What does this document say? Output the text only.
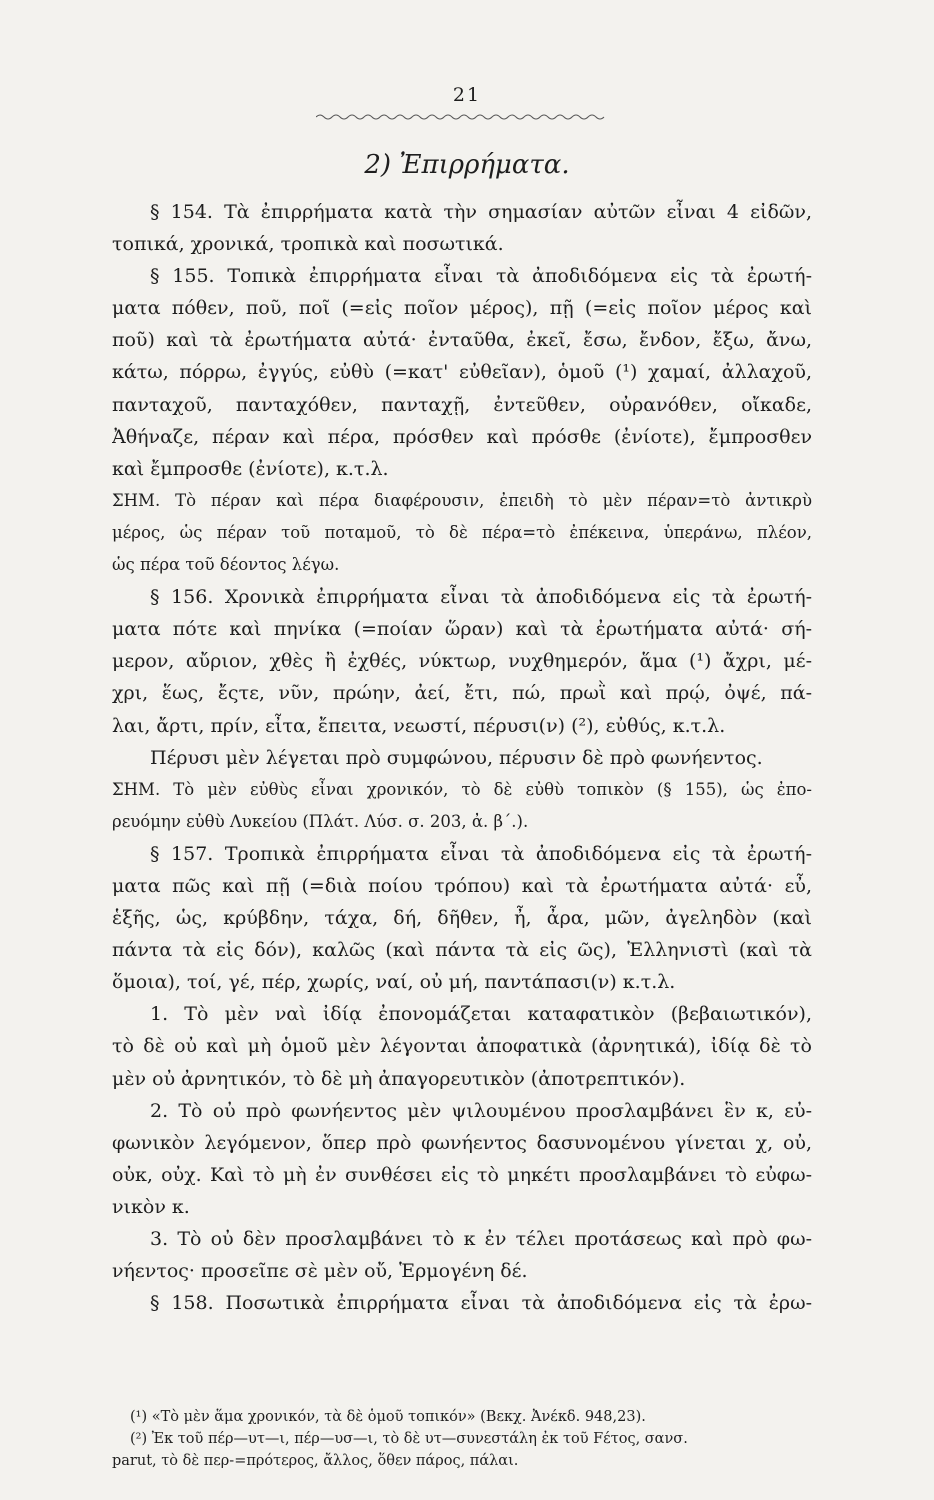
21
2) Ἐπιρρήματα.
§ 154. Τὰ ἐπιρρήματα κατὰ τὴν σημασίαν αὐτῶν εἶναι 4 εἰδῶν,
τοπικά, χρονικά, τροπικὰ καὶ ποσωτικά.
§ 155. Τοπικὰ ἐπιρρήματα εἶναι τὰ ἀποδιδόμενα εἰς τὰ ἐρωτή-
ματα πόθεν, ποῦ, ποῖ (=εἰς ποῖον μέρος), πῇ (=εἰς ποῖον μέρος καὶ
ποῦ) καὶ τὰ ἐρωτήματα αὐτά· ἐνταῦθα, ἐκεῖ, ἔσω, ἔνδον, ἔξω, ἄνω,
κάτω, πόρρω, ἐγγύς, εὐθὺ (=κατ' εὐθεῖαν), ὁμοῦ (¹) χαμαί, ἀλλαχοῦ,
πανταχοῦ, πανταχόθεν, πανταχῇ, ἐντεῦθεν, οὐρανόθεν, οἴκαδε,
Ἀθήναζε, πέραν καὶ πέρα, πρόσθεν καὶ πρόσθε (ἐνίοτε), ἔμπροσθεν
καὶ ἔμπροσθε (ἐνίοτε), κ.τ.λ.
ΣΗΜ. Τὸ πέραν καὶ πέρα διαφέρουσιν, ἐπειδὴ τὸ μὲν πέραν=τὸ ἀντικρὺ
μέρος, ὡς πέραν τοῦ ποταμοῦ, τὸ δὲ πέρα=τὸ ἐπέκεινα, ὑπεράνω, πλέον,
ὡς πέρα τοῦ δέοντος λέγω.
§ 156. Χρονικὰ ἐπιρρήματα εἶναι τὰ ἀποδιδόμενα εἰς τὰ ἐρωτή-
ματα πότε καὶ πηνίκα (=ποίαν ὥραν) καὶ τὰ ἐρωτήματα αὐτά· σή-
μερον, αὔριον, χθὲς ἢ ἐχθές, νύκτωρ, νυχθημερόν, ἅμα (¹) ἄχρι, μέ-
χρι, ἕως, ἔςτε, νῦν, πρώην, ἀεί, ἔτι, πώ, πρωῒ καὶ πρῴ, ὀψέ, πά-
λαι, ἄρτι, πρίν, εἶτα, ἔπειτα, νεωστί, πέρυσι(ν) (²), εὐθύς, κ.τ.λ.
Πέρυσι μὲν λέγεται πρὸ συμφώνου, πέρυσιν δὲ πρὸ φωνήεντος.
ΣΗΜ. Τὸ μὲν εὐθὺς εἶναι χρονικόν, τὸ δὲ εὐθὺ τοπικὸν (§ 155), ὡς ἐπο-
ρευόμην εὐθὺ Λυκείου (Πλάτ. Λύσ. σ. 203, ἀ. β΄.).
§ 157. Τροπικὰ ἐπιρρήματα εἶναι τὰ ἀποδιδόμενα εἰς τὰ ἐρωτή-
ματα πῶς καὶ πῇ (=διὰ ποίου τρόπου) καὶ τὰ ἐρωτήματα αὐτά· εὖ,
ἑξῆς, ὡς, κρύβδην, τάχα, δή, δῆθεν, ἦ, ἆρα, μῶν, ἀγεληδὸν (καὶ
πάντα τὰ εἰς δόν), καλῶς (καὶ πάντα τὰ εἰς ῶς), Ἑλληνιστὶ (καὶ τὰ
ὅμοια), τοί, γέ, πέρ, χωρίς, ναί, οὐ μή, παντάπασι(ν) κ.τ.λ.
1. Τὸ μὲν ναὶ ἰδίᾳ ἐπονομάζεται καταφατικὸν (βεβαιωτικόν),
τὸ δὲ οὐ καὶ μὴ ὁμοῦ μὲν λέγονται ἀποφατικὰ (ἀρνητικά), ἰδίᾳ δὲ τὸ
μὲν οὐ ἀρνητικόν, τὸ δὲ μὴ ἀπαγορευτικὸν (ἀποτρεπτικόν).
2. Τὸ οὐ πρὸ φωνήεντος μὲν ψιλουμένου προσλαμβάνει ἓν κ, εὐ-
φωνικὸν λεγόμενον, ὅπερ πρὸ φωνήεντος δασυνομένου γίνεται χ, οὐ,
οὐκ, οὐχ. Καὶ τὸ μὴ ἐν συνθέσει εἰς τὸ μηκέτι προσλαμβάνει τὸ εὐφω-
νικὸν κ.
3. Τὸ οὐ δὲν προσλαμβάνει τὸ κ ἐν τέλει προτάσεως καὶ πρὸ φω-
νήεντος· προσεῖπε σὲ μὲν οὔ, Ἑρμογένη δέ.
§ 158. Ποσωτικὰ ἐπιρρήματα εἶναι τὰ ἀποδιδόμενα εἰς τὰ ἐρω-
(¹) «Τὸ μὲν ἅμα χρονικόν, τὰ δὲ ὁμοῦ τοπικόν» (Βεκχ. Ἀνέκδ. 948,23).
(²) Ἐκ τοῦ πέρ—υτ—ι, πέρ—υσ—ι, τὸ δὲ υτ—συνεστάλη ἐκ τοῦ Fέτος, σανσ.
parut, τὸ δὲ περ-=πρότερος, ἄλλος, ὅθεν πάρος, πάλαι.
